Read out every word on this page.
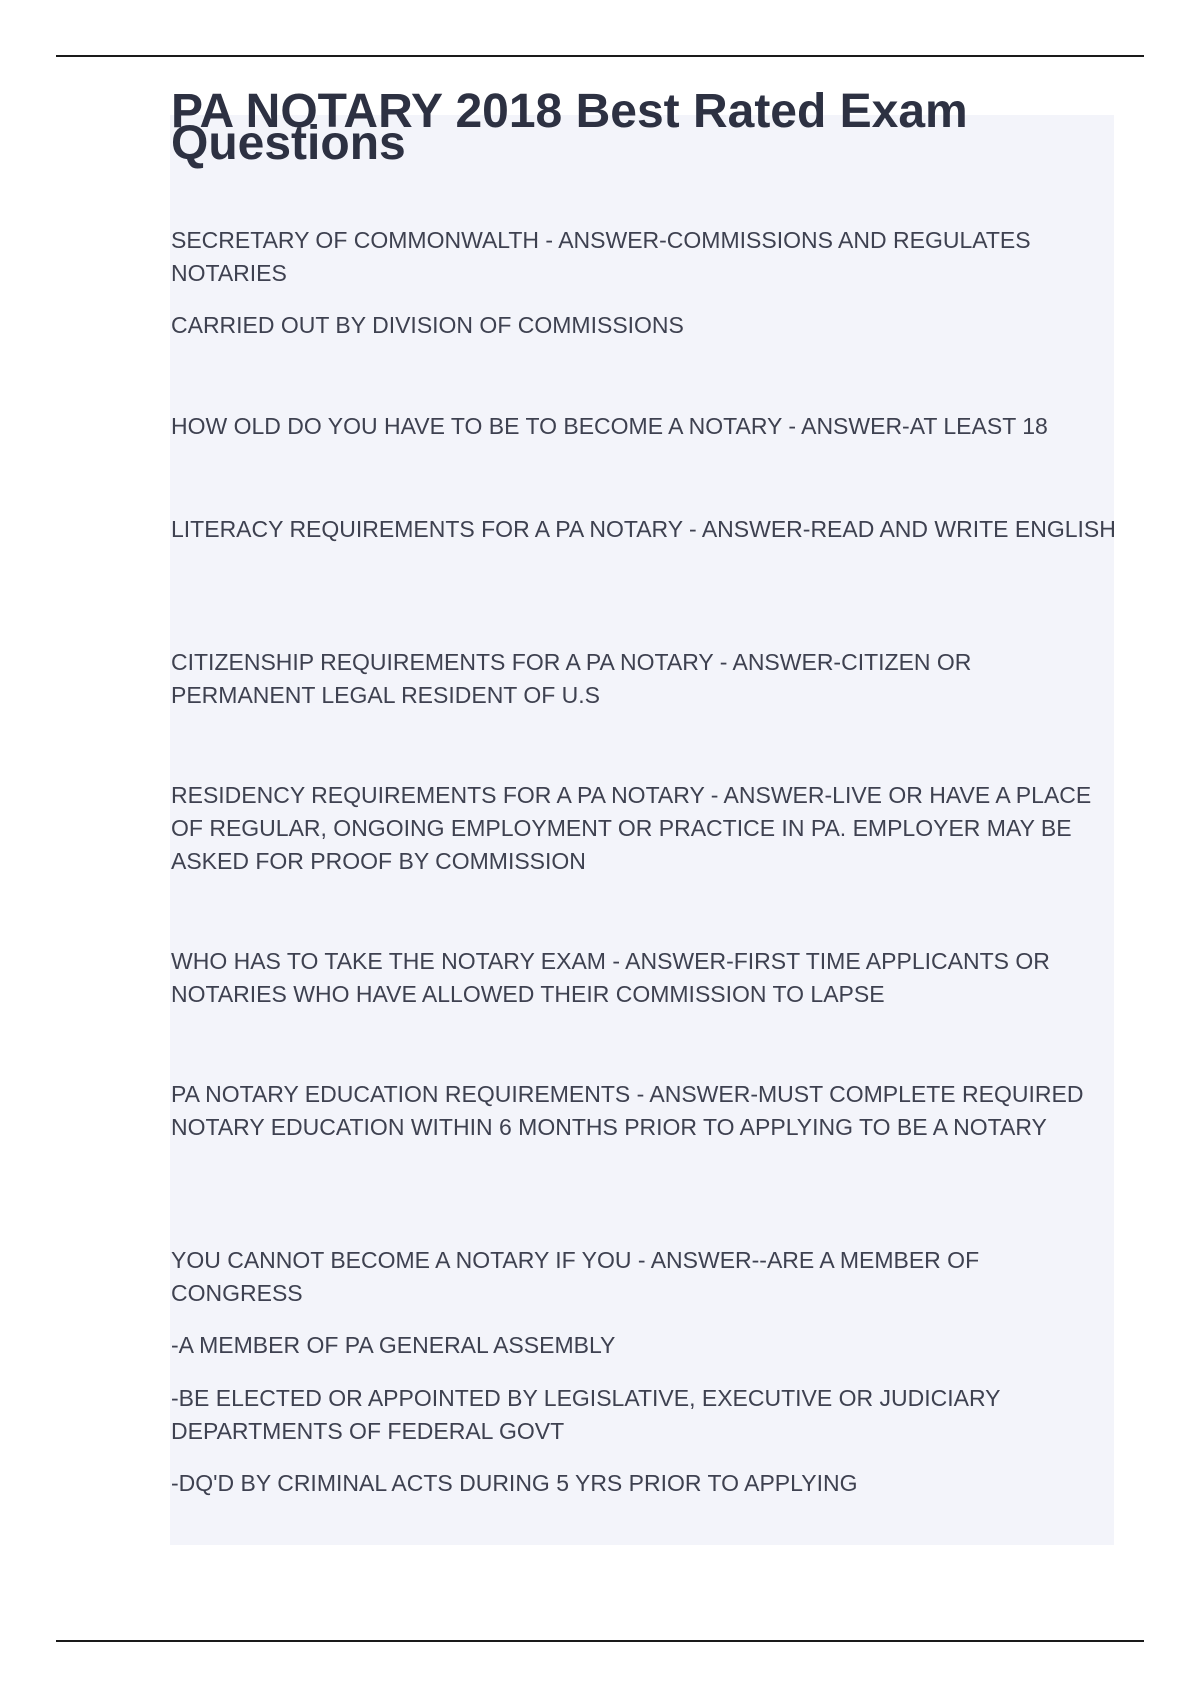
PA NOTARY 2018 Best Rated Exam Questions

SECRETARY OF COMMONWALTH - ANSWER-COMMISSIONS AND REGULATES NOTARIES

CARRIED OUT BY DIVISION OF COMMISSIONS

HOW OLD DO YOU HAVE TO BE TO BECOME A NOTARY - ANSWER-AT LEAST 18

LITERACY REQUIREMENTS FOR A PA NOTARY - ANSWER-READ AND WRITE ENGLISH

CITIZENSHIP REQUIREMENTS FOR A PA NOTARY - ANSWER-CITIZEN OR PERMANENT LEGAL RESIDENT OF U.S

RESIDENCY REQUIREMENTS FOR A PA NOTARY - ANSWER-LIVE OR HAVE A PLACE OF REGULAR, ONGOING EMPLOYMENT OR PRACTICE IN PA. EMPLOYER MAY BE ASKED FOR PROOF BY COMMISSION

WHO HAS TO TAKE THE NOTARY EXAM - ANSWER-FIRST TIME APPLICANTS OR NOTARIES WHO HAVE ALLOWED THEIR COMMISSION TO LAPSE

PA NOTARY EDUCATION REQUIREMENTS - ANSWER-MUST COMPLETE REQUIRED NOTARY EDUCATION WITHIN 6 MONTHS PRIOR TO APPLYING TO BE A NOTARY

YOU CANNOT BECOME A NOTARY IF YOU - ANSWER--ARE A MEMBER OF CONGRESS

-A MEMBER OF PA GENERAL ASSEMBLY

-BE ELECTED OR APPOINTED BY LEGISLATIVE, EXECUTIVE OR JUDICIARY DEPARTMENTS OF FEDERAL GOVT

-DQ'D BY CRIMINAL ACTS DURING 5 YRS PRIOR TO APPLYING
